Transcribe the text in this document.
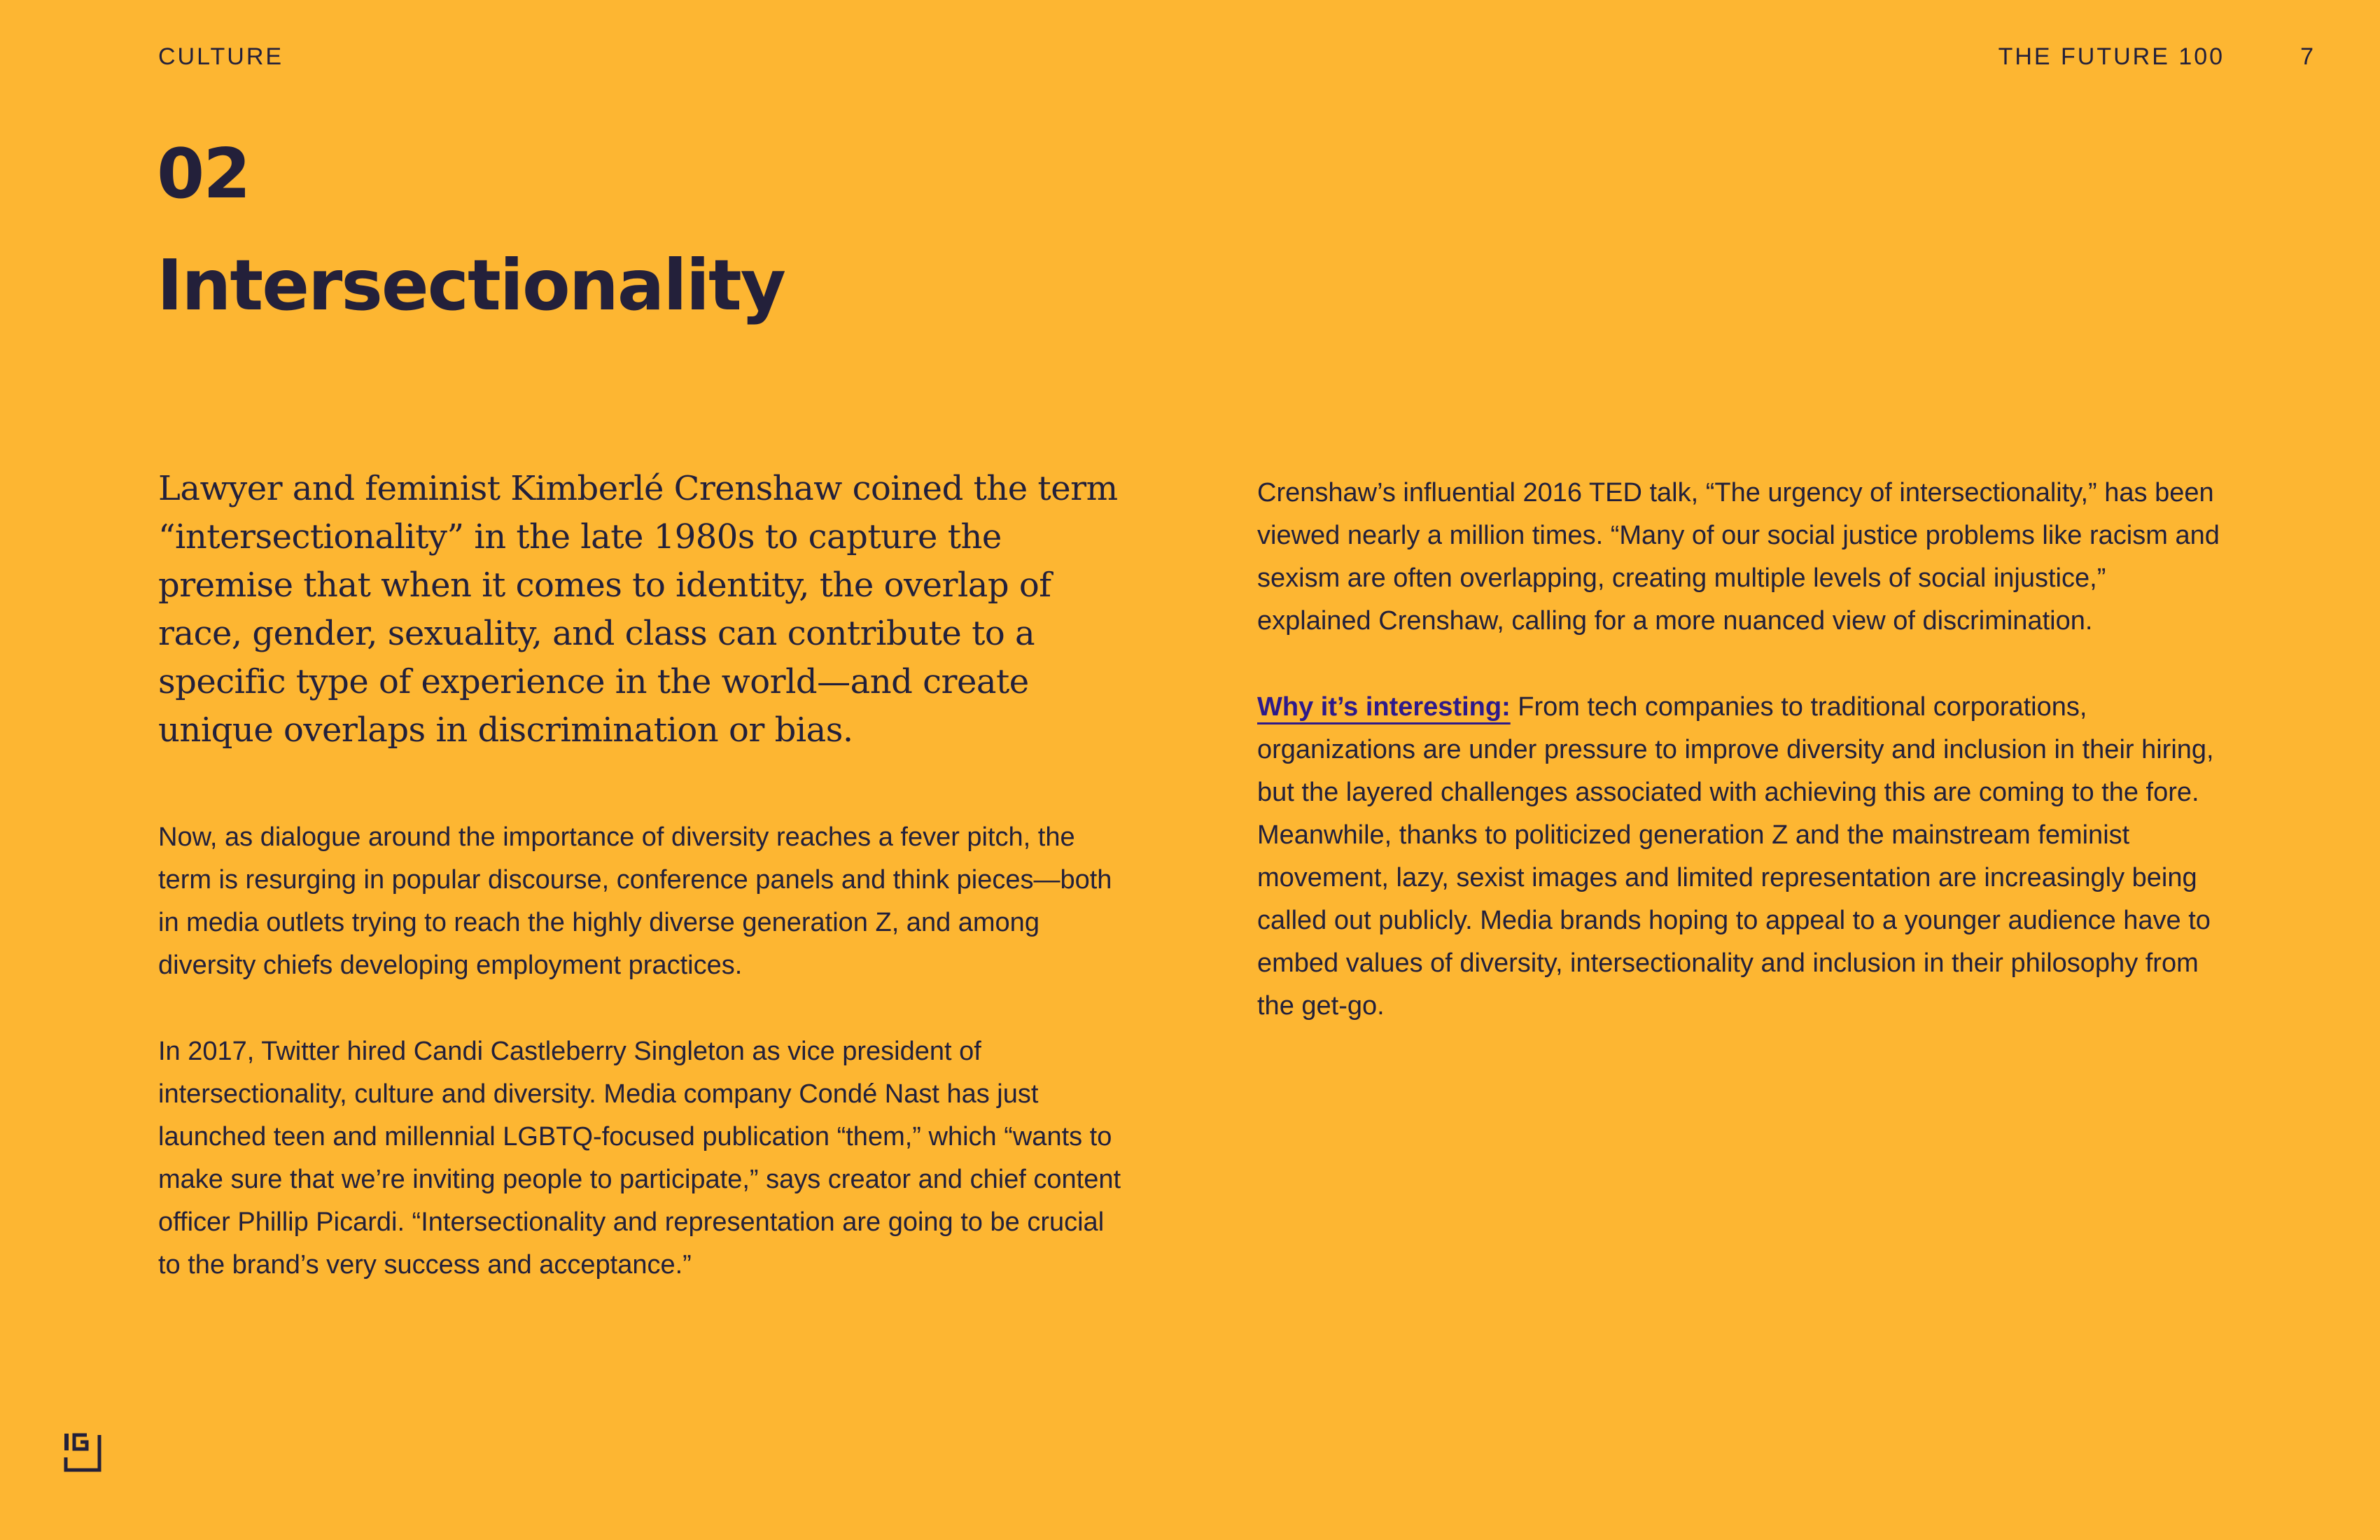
CULTURE	THE FUTURE 100	7
02
Intersectionality

Lawyer and feminist Kimberlé Crenshaw coined the term “intersectionality” in the late 1980s to capture the premise that when it comes to identity, the overlap of race, gender, sexuality, and class can contribute to a specific type of experience in the world—and create unique overlaps in discrimination or bias.

Now, as dialogue around the importance of diversity reaches a fever pitch, the term is resurging in popular discourse, conference panels and think pieces—both in media outlets trying to reach the highly diverse generation Z, and among diversity chiefs developing employment practices.

In 2017, Twitter hired Candi Castleberry Singleton as vice president of intersectionality, culture and diversity. Media company Condé Nast has just launched teen and millennial LGBTQ-focused publication “them,” which “wants to make sure that we’re inviting people to participate,” says creator and chief content officer Phillip Picardi. “Intersectionality and representation are going to be crucial to the brand’s very success and acceptance.”

Crenshaw’s influential 2016 TED talk, “The urgency of intersectionality,” has been viewed nearly a million times. “Many of our social justice problems like racism and sexism are often overlapping, creating multiple levels of social injustice,” explained Crenshaw, calling for a more nuanced view of discrimination.

Why it’s interesting: From tech companies to traditional corporations, organizations are under pressure to improve diversity and inclusion in their hiring, but the layered challenges associated with achieving this are coming to the fore. Meanwhile, thanks to politicized generation Z and the mainstream feminist movement, lazy, sexist images and limited representation are increasingly being called out publicly. Media brands hoping to appeal to a younger audience have to embed values of diversity, intersectionality and inclusion in their philosophy from the get-go.
